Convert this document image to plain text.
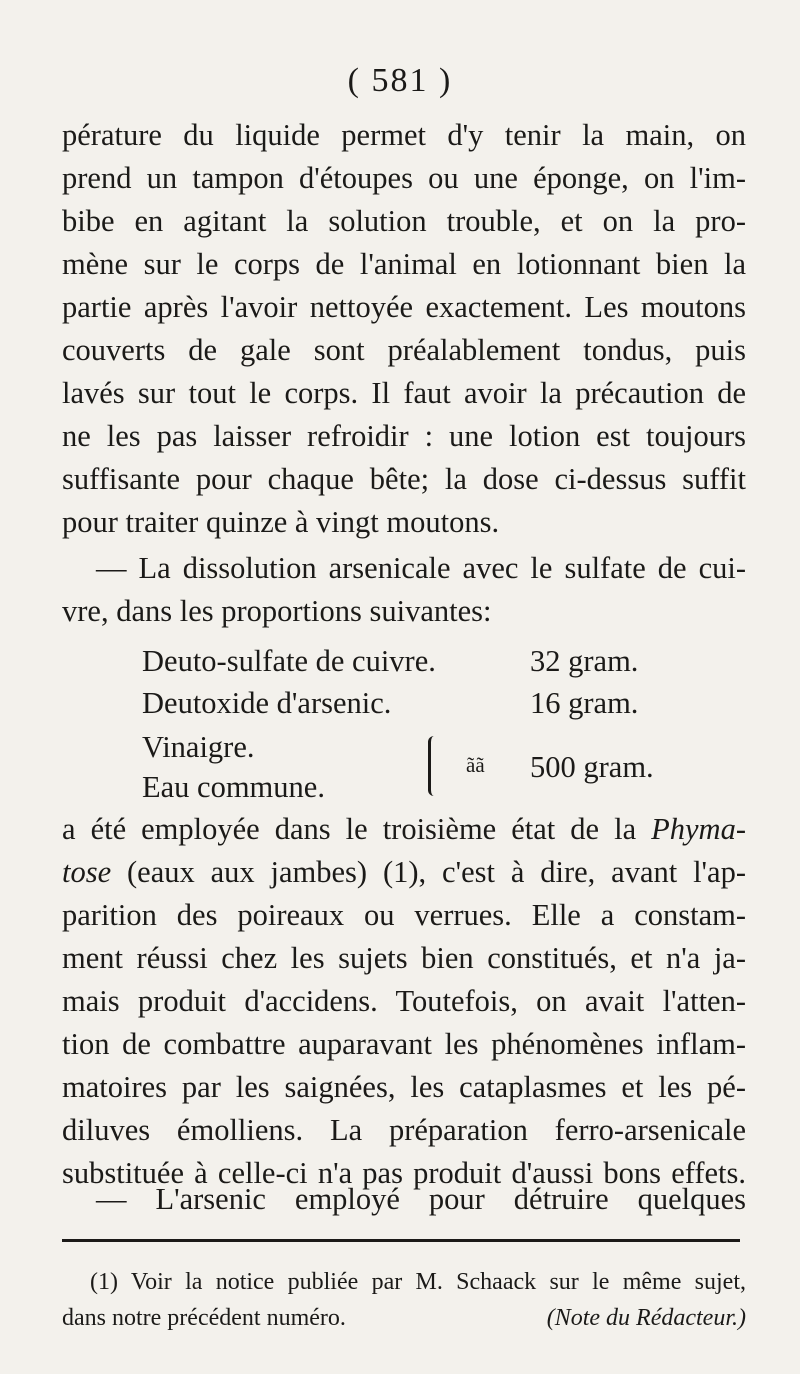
( 581 )
pérature du liquide permet d'y tenir la main, on
prend un tampon d'étoupes ou une éponge, on l'im-
bibe en agitant la solution trouble, et on la pro-
mène sur le corps de l'animal en lotionnant bien la
partie après l'avoir nettoyée exactement. Les moutons
couverts de gale sont préalablement tondus, puis
lavés sur tout le corps. Il faut avoir la précaution de
ne les pas laisser refroidir : une lotion est toujours
suffisante pour chaque bête; la dose ci-dessus suffit
pour traiter quinze à vingt moutons.
— La dissolution arsenicale avec le sulfate de cui-
vre, dans les proportions suivantes:
Deuto-sulfate de cuivre.	32 gram.
Deutoxide d'arsenic.	16 gram.
Vinaigre.
Eau commune.
ãã 500 gram.
a été employée dans le troisième état de la Phyma-
tose (eaux aux jambes) (1), c'est à dire, avant l'ap-
parition des poireaux ou verrues. Elle a constam-
ment réussi chez les sujets bien constitués, et n'a ja-
mais produit d'accidens. Toutefois, on avait l'atten-
tion de combattre auparavant les phénomènes inflam-
matoires par les saignées, les cataplasmes et les pé-
diluves émolliens. La préparation ferro-arsenicale
substituée à celle-ci n'a pas produit d'aussi bons effets.
— L'arsenic employé pour détruire quelques
(1) Voir la notice publiée par M. Schaack sur le même sujet,
dans notre précédent numéro.	(Note du Rédacteur.)
